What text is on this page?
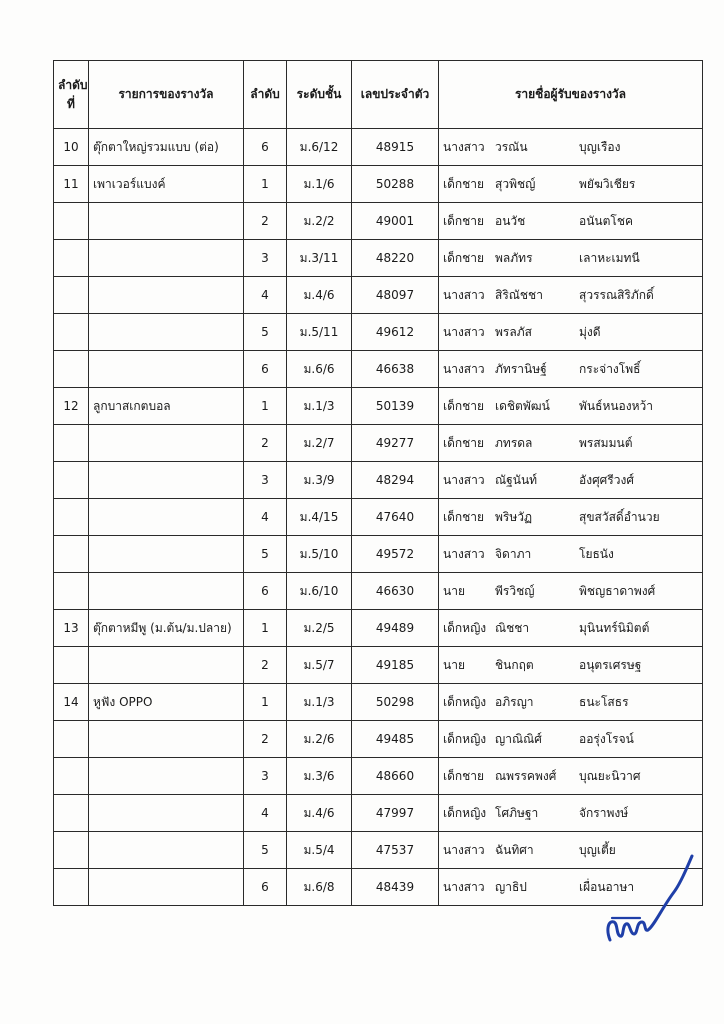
ลำดับ
ที่	รายการของรางวัล	ลำดับ	ระดับชั้น	เลขประจำตัว	รายชื่อผู้รับของรางวัล
10	ตุ๊กตาใหญ่รวมแบบ (ต่อ)	6	ม.6/12	48915	นางสาว วรณัน บุญเรือง
11	เพาเวอร์แบงค์	1	ม.1/6	50288	เด็กชาย สุวพิชญ์ พยัฆวิเชียร
		2	ม.2/2	49001	เด็กชาย อนวัช อนันตโชค
		3	ม.3/11	48220	เด็กชาย พลภัทร เลาหะเมทนี
		4	ม.4/6	48097	นางสาว สิริณัชชา สุวรรณสิริภักดิ์
		5	ม.5/11	49612	นางสาว พรลภัส มุ่งดี
		6	ม.6/6	46638	นางสาว ภัทรานิษฐ์ กระจ่างโพธิ์
12	ลูกบาสเกตบอล	1	ม.1/3	50139	เด็กชาย เดชิตพัฒน์ พันธ์หนองหว้า
		2	ม.2/7	49277	เด็กชาย ภทรดล พรสมมนต์
		3	ม.3/9	48294	นางสาว ณัฐนันท์ อังศุศรีวงศ์
		4	ม.4/15	47640	เด็กชาย พริษวัฏ สุขสวัสดิ์อำนวย
		5	ม.5/10	49572	นางสาว จิดาภา โยธนัง
		6	ม.6/10	46630	นาย พีรวิชญ์ พิชญธาดาพงศ์
13	ตุ๊กตาหมีพู (ม.ต้น/ม.ปลาย)	1	ม.2/5	49489	เด็กหญิง ณิชชา มุนินทร์นิมิตต์
		2	ม.5/7	49185	นาย ชินกฤต อนุตรเศรษฐ
14	หูฟัง OPPO	1	ม.1/3	50298	เด็กหญิง อภิรญา ธนะโสธร
		2	ม.2/6	49485	เด็กหญิง ญาณิณิศ์ ออรุ่งโรจน์
		3	ม.3/6	48660	เด็กชาย ณพรรคพงศ์ บุณยะนิวาศ
		4	ม.4/6	47997	เด็กหญิง โศภิษฐา จักราพงษ์
		5	ม.5/4	47537	นางสาว ฉันทิศา บุญเตี้ย
		6	ม.6/8	48439	นางสาว ญาธิป เผื่อนอาษา
